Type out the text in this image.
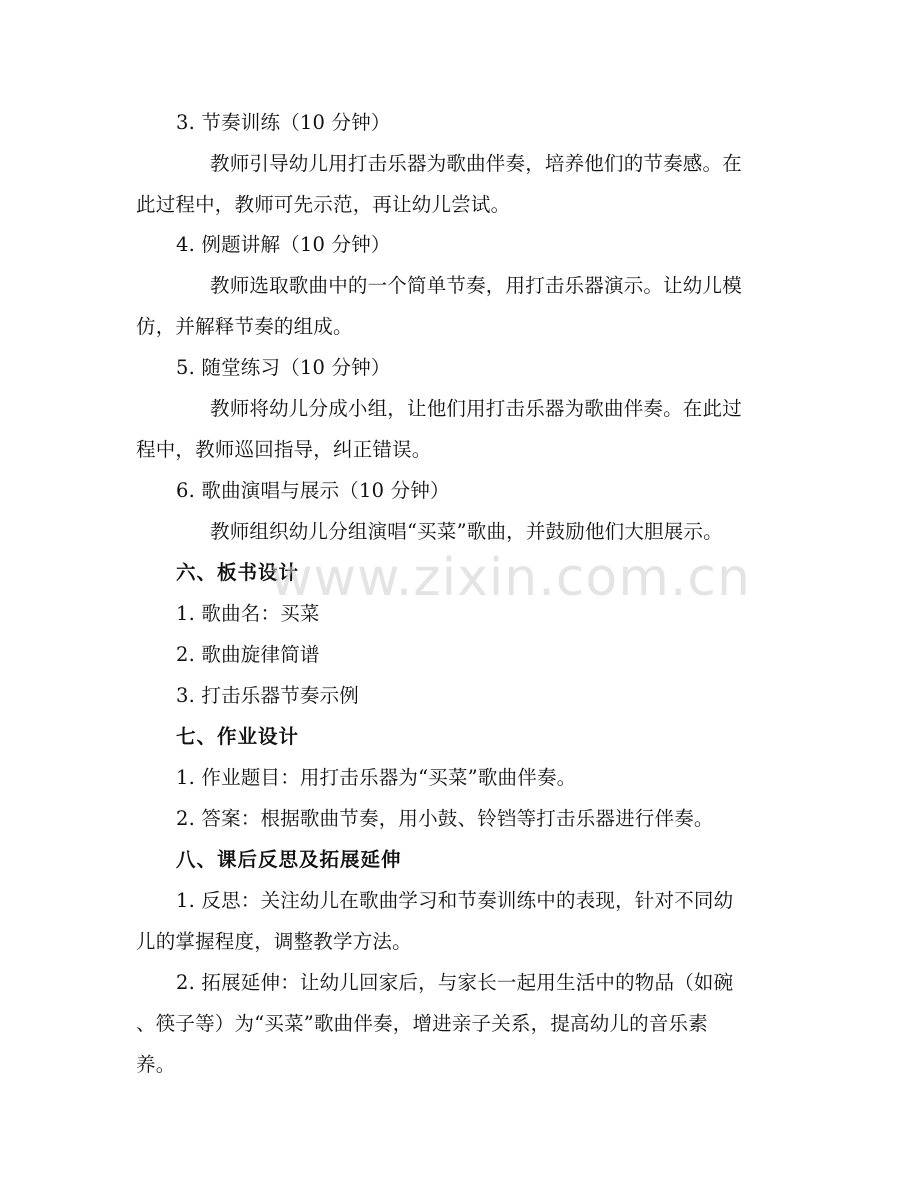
3. 节奏训练（10 分钟）
教师引导幼儿用打击乐器为歌曲伴奏，培养他们的节奏感。在
此过程中，教师可先示范，再让幼儿尝试。
4. 例题讲解（10 分钟）
教师选取歌曲中的一个简单节奏，用打击乐器演示。让幼儿模
仿，并解释节奏的组成。
5. 随堂练习（10 分钟）
教师将幼儿分成小组，让他们用打击乐器为歌曲伴奏。在此过
程中，教师巡回指导，纠正错误。
6. 歌曲演唱与展示（10 分钟）
教师组织幼儿分组演唱“买菜”歌曲，并鼓励他们大胆展示。
六、板书设计
1. 歌曲名：买菜
2. 歌曲旋律简谱
3. 打击乐器节奏示例
七、作业设计
1. 作业题目：用打击乐器为“买菜”歌曲伴奏。
2. 答案：根据歌曲节奏，用小鼓、铃铛等打击乐器进行伴奏。
八、课后反思及拓展延伸
1. 反思：关注幼儿在歌曲学习和节奏训练中的表现，针对不同幼
儿的掌握程度，调整教学方法。
2. 拓展延伸：让幼儿回家后，与家长一起用生活中的物品（如碗
、筷子等）为“买菜”歌曲伴奏，增进亲子关系，提高幼儿的音乐素
养。
www.zixin.com.cn
